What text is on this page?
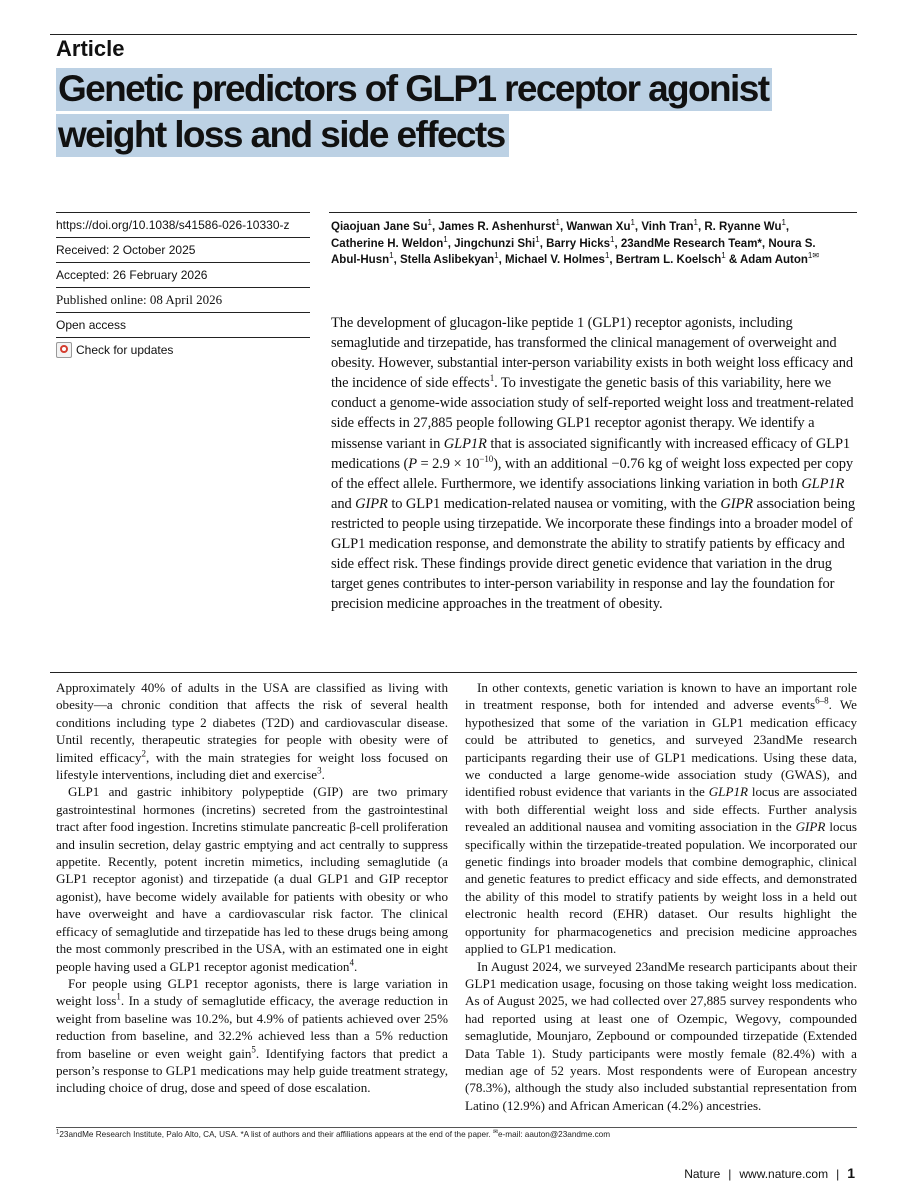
Article
Genetic predictors of GLP1 receptor agonist weight loss and side effects
https://doi.org/10.1038/s41586-026-10330-z
Received: 2 October 2025
Accepted: 26 February 2026
Published online: 08 April 2026
Open access
Check for updates
Qiaojuan Jane Su$^1$, James R. Ashenhurst$^1$, Wanwan Xu$^1$, Vinh Tran$^1$, R. Ryanne Wu$^1$, Catherine H. Weldon$^1$, Jingchunzi Shi$^1$, Barry Hicks$^1$, 23andMe Research Team*, Noura S. Abul-Husn$^1$, Stella Aslibekyan$^1$, Michael V. Holmes$^1$, Bertram L. Koelsch$^1$ & Adam Auton$^{1✉}$
The development of glucagon-like peptide 1 (GLP1) receptor agonists, including semaglutide and tirzepatide, has transformed the clinical management of overweight and obesity. However, substantial inter-person variability exists in both weight loss efficacy and the incidence of side effects$^1$. To investigate the genetic basis of this variability, here we conduct a genome-wide association study of self-reported weight loss and treatment-related side effects in 27,885 people following GLP1 receptor agonist therapy. We identify a missense variant in GLP1R that is associated significantly with increased efficacy of GLP1 medications (P = 2.9 × 10$^{-10}$), with an additional −0.76 kg of weight loss expected per copy of the effect allele. Furthermore, we identify associations linking variation in both GLP1R and GIPR to GLP1 medication-related nausea or vomiting, with the GIPR association being restricted to people using tirzepatide. We incorporate these findings into a broader model of GLP1 medication response, and demonstrate the ability to stratify patients by efficacy and side effect risk. These findings provide direct genetic evidence that variation in the drug target genes contributes to inter-person variability in response and lay the foundation for precision medicine approaches in the treatment of obesity.

Approximately 40% of adults in the USA are classified as living with obesity—a chronic condition that affects the risk of several health conditions including type 2 diabetes (T2D) and cardiovascular disease. Until recently, therapeutic strategies for people with obesity were of limited efficacy$^2$, with the main strategies for weight loss focused on lifestyle interventions, including diet and exercise$^3$.

GLP1 and gastric inhibitory polypeptide (GIP) are two primary gastrointestinal hormones (incretins) secreted from the gastrointestinal tract after food ingestion. Incretins stimulate pancreatic β-cell proliferation and insulin secretion, delay gastric emptying and act centrally to suppress appetite. Recently, potent incretin mimetics, including semaglutide (a GLP1 receptor agonist) and tirzepatide (a dual GLP1 and GIP receptor agonist), have become widely available for patients with obesity or who have overweight and have a cardiovascular risk factor. The clinical efficacy of semaglutide and tirzepatide has led to these drugs being among the most commonly prescribed in the USA, with an estimated one in eight people having used a GLP1 receptor agonist medication$^4$.

For people using GLP1 receptor agonists, there is large variation in weight loss$^1$. In a study of semaglutide efficacy, the average reduction in weight from baseline was 10.2%, but 4.9% of patients achieved over 25% reduction from baseline, and 32.2% achieved less than a 5% reduction from baseline or even weight gain$^5$. Identifying factors that predict a person’s response to GLP1 medications may help guide treatment strategy, including choice of drug, dose and speed of dose escalation.

In other contexts, genetic variation is known to have an important role in treatment response, both for intended and adverse events$^{6-8}$. We hypothesized that some of the variation in GLP1 medication efficacy could be attributed to genetics, and surveyed 23andMe research participants regarding their use of GLP1 medications. Using these data, we conducted a large genome-wide association study (GWAS), and identified robust evidence that variants in the GLP1R locus are associated with both differential weight loss and side effects. Further analysis revealed an additional nausea and vomiting association in the GIPR locus specifically within the tirzepatide-treated population. We incorporated our genetic findings into broader models that combine demographic, clinical and genetic features to predict efficacy and side effects, and demonstrated the ability of this model to stratify patients by weight loss in a held out electronic health record (EHR) dataset. Our results highlight the opportunity for pharmacogenetics and precision medicine approaches applied to GLP1 medication.

In August 2024, we surveyed 23andMe research participants about their GLP1 medication usage, focusing on those taking weight loss medication. As of August 2025, we had collected over 27,885 survey respondents who had reported using at least one of Ozempic, Wegovy, compounded semaglutide, Mounjaro, Zepbound or compounded tirzepatide (Extended Data Table 1). Study participants were mostly female (82.4%) with a median age of 52 years. Most respondents were of European ancestry (78.3%), although the study also included substantial representation from Latino (12.9%) and African American (4.2%) ancestries.

$^1$23andMe Research Institute, Palo Alto, CA, USA. *A list of authors and their affiliations appears at the end of the paper. ✉e-mail: aauton@23andme.com
Nature | www.nature.com | 1
